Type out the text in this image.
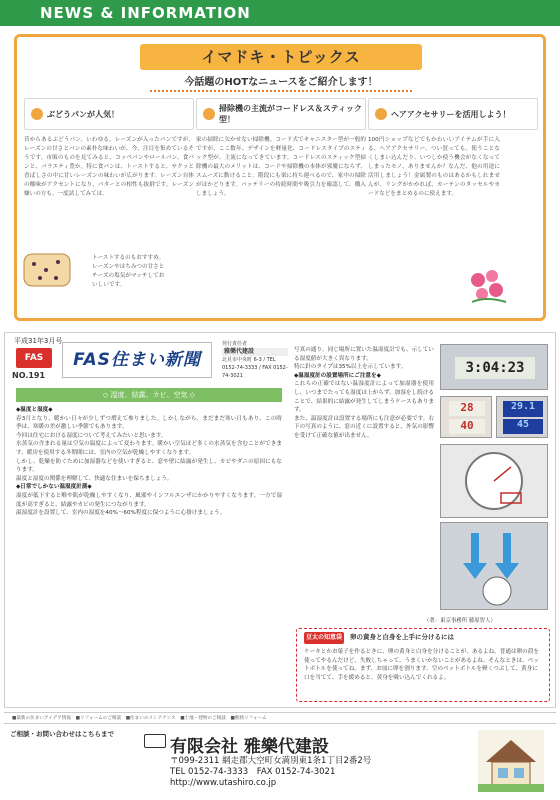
NEWS & INFORMATION
イマドキ・トピックス
今話題のHOTなニュースをご紹介します！
ぶどうパンが人気！
昔からあるぶどうパン。いわゆる、レーズンが入ったパンですが、レーズンの甘さとパンの素朴な味わいが、今、注目を集めているそうです。市販のものを見てみると、コッペパンやロールパン、食パンと、バラエティ豊か。特に食パンは、トーストすると、サクッと香ばしさの中に甘いレーズンの味わいが広がります。レーズン自体の酸味がアクセントになり、バターとの相性も抜群です。レーズン嫌いの方も、一度試してみては。
トーストするのもおすすめ。レーズンやはちみつの甘さとチーズの塩気がマッチしておいしいです。
掃除機の主流がコードレス＆スティック型！
家の掃除に欠かせない掃除機。コード式でキャニスター型が一般的ですが、ここ数年、デザインを軽量化、コードレスタイプのスティック型が、主流になってきています。コードレスのスティック型掃除機の最大のメリットは、コードや掃除機の本体が邪魔にならず、スムーズに動けること。階段にも楽に持ち運べるので、家中の掃除がはかどります。バッテリーの持続時間や吸引力を確認して、購入しましょう。
ヘアアクセサリーを活用しよう！
100円ショップなどでもかわいいアイテムが手に入る、ヘアアクセサリー。つい買っても、使うことなくしまい込んだり、いつしか使う機会がなくなってしまったモノ、ありませんか？なんだ、他の用途に活用しましょう！金属製のものはあるかもしれませんが、リングがかかれば、カーテンのタッセルやカードなどをまとめるのに使えます。
平成31年3月号
FAS
NO.191
FAS住まい新聞
発行責任者
雅樂代建設
北見市中央町 6-3 / TEL 0152-74-3333 / FAX 0152-74-3021
◇ 湿度、結露、カビ、空気 ◇
◆温度と湿度◆
春3月となり、暖かい日々が少しずつ増えて参りました。しかしながら、まだまだ寒い日もあり、この時季は、寒暖の差が激しい季節でもあります。
今回は住宅における湿度について考えてみたいと思います。
水蒸気の含まれる量は空気の温度によって変わります。暖かい空気ほど多くの水蒸気を含むことができます。暖房を使用する冬期間には、室内の空気が乾燥しやすくなります。
しかし、乾燥を防ぐために加湿器などを使いすぎると、窓や壁に結露が発生し、カビやダニの原因にもなります。
温度と湿度の関係を理解して、快適な住まいを保ちましょう。
◆日常でしかない温湿度計測◆
湿度が低下すると喉や肌が乾燥しやすくなり、風邪やインフルエンザにかかりやすくなります。一方で湿度が高すぎると、結露やカビの発生につながります。
温湿度計を設置して、室内の湿度を40%〜60%程度に保つように心掛けましょう。
写真の通り、同じ場所に置いた温湿度計でも、示している湿度値が大きく異なります。
特に針のタイプは35%以上を示しています。
◆温湿度計の設置場所にご注意を◆
これらの正確ではない温湿度計によって加湿器を使用し、いつまでたっても湿度は上がらず、加湿をし続けることで、結果的に結露が発生してしまうケースもあります。
また、温湿度計は設置する場所にも注意が必要です。右下の写真のように、窓の近くに設置すると、外気の影響を受けて正確な値が出ません。
3:04:23
28
40
29.1
45
（著：東京事務所 藤原智人）
豆太の知恵袋	卵の黄身と白身を上手に分けるには
ケーキとかお菓子を作るときに、卵の黄身と白身を分けることが、あるよね。普通は卵の殻を使ってやるんだけど、失敗しちゃって、うまくいかないことがあるよね。そんなときは、ペットボトルを使ってね。まず、お皿に卵を割ります。空のペットボトルを軽くつぶして、黄身に口を当てて、手を緩めると、黄身を吸い込んでくれるよ。
■最新の住まいアイデア情報　■リフォームのご相談　■住まいのメンテナンス　■土地・建物のご相談　■断熱リフォーム
ご相談・お問い合わせはこちらまで
有限会社 雅樂代建設
〒099-2311 網走郡大空町女満別東1条1丁目2番2号
TEL 0152-74-3333　FAX 0152-74-3021
http://www.utashiro.co.jp
